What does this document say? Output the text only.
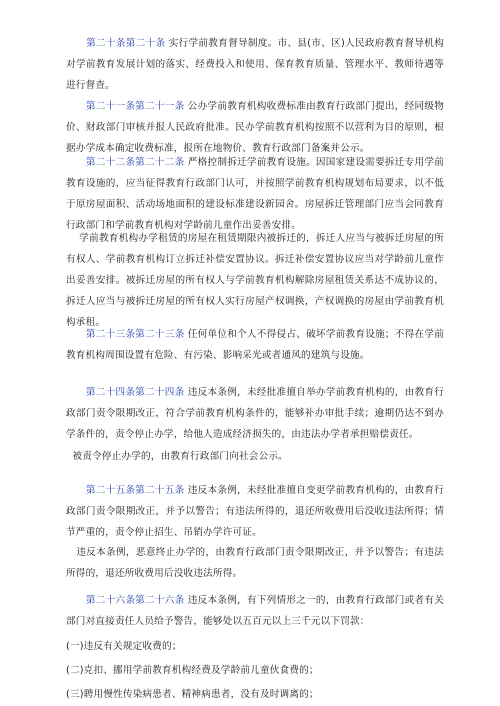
第二十条第二十条 实行学前教育督导制度。市、县(市、区)人民政府教育督导机构对学前教育发展计划的落实、经费投入和使用、保育教育质量、管理水平、教师待遇等进行督查。

第二十一条第二十一条 公办学前教育机构收费标准由教育行政部门提出，经同级物价、财政部门审核并报人民政府批准。民办学前教育机构按照不以营利为目的原则，根据办学成本确定收费标准，报所在地物价、教育行政部门备案并公示。

第二十二条第二十二条 严格控制拆迁学前教育设施。因国家建设需要拆迁专用学前教育设施的，应当征得教育行政部门认可，并按照学前教育机构规划布局要求，以不低于原房屋面积、活动场地面积的建设标准建设新园舍。房屋拆迁管理部门应当会同教育行政部门和学前教育机构对学龄前儿童作出妥善安排。

学前教育机构办学租赁的房屋在租赁期限内被拆迁的，拆迁人应当与被拆迁房屋的所有权人、学前教育机构订立拆迁补偿安置协议。拆迁补偿安置协议应当对学龄前儿童作出妥善安排。被拆迁房屋的所有权人与学前教育机构解除房屋租赁关系达不成协议的，拆迁人应当与被拆迁房屋的所有权人实行房屋产权调换，产权调换的房屋由学前教育机构承租。

第二十三条第二十三条 任何单位和个人不得侵占、破坏学前教育设施；不得在学前教育机构周围设置有危险、有污染、影响采光或者通风的建筑与设施。

第二十四条第二十四条 违反本条例，未经批准擅自举办学前教育机构的，由教育行政部门责令限期改正，符合学前教育机构条件的，能够补办审批手续；逾期仍达不到办学条件的，责令停止办学，给他人造成经济损失的，由违法办学者承担赔偿责任。

被责令停止办学的，由教育行政部门向社会公示。

第二十五条第二十五条 违反本条例，未经批准擅自变更学前教育机构的，由教育行政部门责令限期改正，并予以警告；有违法所得的，退还所收费用后没收违法所得；情节严重的，责令停止招生、吊销办学许可证。

违反本条例，恶意终止办学的，由教育行政部门责令限期改正，并予以警告；有违法所得的，退还所收费用后没收违法所得。

第二十六条第二十六条 违反本条例，有下列情形之一的，由教育行政部门或者有关部门对直接责任人员给予警告，能够处以五百元以上三千元以下罚款：

(一)违反有关规定收费的；

(二)克扣、挪用学前教育机构经费及学龄前儿童伙食费的；

(三)聘用慢性传染病患者、精神病患者，没有及时调离的；
